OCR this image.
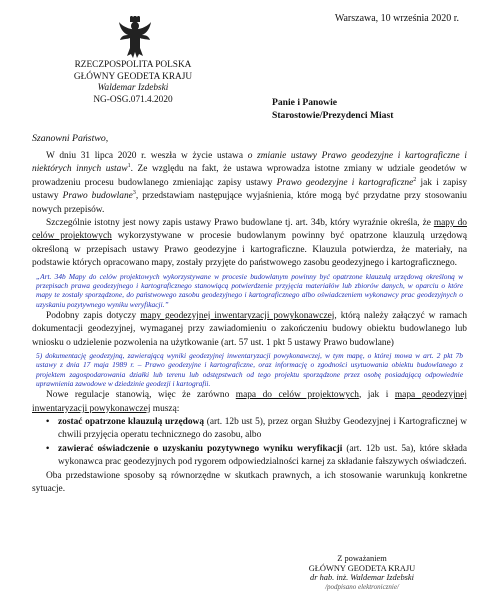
Warszawa, 10 września 2020 r.
RZECZPOSPOLITA POLSKA
GŁÓWNY GEODETA KRAJU
Waldemar Izdebski
NG-OSG.071.4.2020	Panie i Panowie
Starostowie/Prezydenci Miast
Szanowni Państwo,

W dniu 31 lipca 2020 r. weszła w życie ustawa o zmianie ustawy Prawo geodezyjne i kartograficzne i niektórych innych ustaw$^1$. Ze względu na fakt, że ustawa wprowadza istotne zmiany w udziale geodetów w prowadzeniu procesu budowlanego zmieniając zapisy ustawy Prawo geodezyjne i kartograficzne$^2$ jak i zapisy ustawy Prawo budowlane$^3$, przedstawiam następujące wyjaśnienia, które mogą być przydatne przy stosowaniu nowych przepisów.

Szczególnie istotny jest nowy zapis ustawy Prawo budowlane tj. art. 34b, który wyraźnie określa, że mapy do celów projektowych wykorzystywane w procesie budowlanym powinny być opatrzone klauzulą urzędową określoną w przepisach ustawy Prawo geodezyjne i kartograficzne. Klauzula potwierdza, że materiały, na podstawie których opracowano mapy, zostały przyjęte do państwowego zasobu geodezyjnego i kartograficznego.

„Art. 34b Mapy do celów projektowych wykorzystywane w procesie budowlanym powinny być opatrzone klauzulą urzędową określoną w przepisach prawa geodezyjnego i kartograficznego stanowiącą potwierdzenie przyjęcia materiałów lub zbiorów danych, w oparciu o które mapy te zostały sporządzone, do państwowego zasobu geodezyjnego i kartograficznego albo oświadczeniem wykonawcy prac geodezyjnych o uzyskaniu pozytywnego wyniku weryfikacji.”

Podobny zapis dotyczy mapy geodezyjnej inwentaryzacji powykonawczej, którą należy załączyć w ramach dokumentacji geodezyjnej, wymaganej przy zawiadomieniu o zakończeniu budowy obiektu budowlanego lub wniosku o udzielenie pozwolenia na użytkowanie (art. 57 ust. 1 pkt 5 ustawy Prawo budowlane)

5) dokumentację geodezyjną, zawierającą wyniki geodezyjnej inwentaryzacji powykonawczej, w tym mapę, o której mowa w art. 2 pkt 7b ustawy z dnia 17 maja 1989 r. – Prawo geodezyjne i kartograficzne, oraz informację o zgodności usytuowania obiektu budowlanego z projektem zagospodarowania działki lub terenu lub odstępstwach od tego projektu sporządzone przez osobę posiadającą odpowiednie uprawnienia zawodowe w dziedzinie geodezji i kartografii.

Nowe regulacje stanowią, więc że zarówno mapa do celów projektowych, jak i mapa geodezyjnej inwentaryzacji powykonawczej muszą:

• zostać opatrzone klauzulą urzędową (art. 12b ust 5), przez organ Służby Geodezyjnej i Kartograficznej w chwili przyjęcia operatu technicznego do zasobu, albo
• zawierać oświadczenie o uzyskaniu pozytywnego wyniku weryfikacji (art. 12b ust. 5a), które składa wykonawca prac geodezyjnych pod rygorem odpowiedzialności karnej za składanie fałszywych oświadczeń.

Oba przedstawione sposoby są równorzędne w skutkach prawnych, a ich stosowanie warunkują konkretne sytuacje.

Z poważaniem
GŁÓWNY GEODETA KRAJU
dr hab. inż. Waldemar Izdebski
/podpisano elektronicznie/
